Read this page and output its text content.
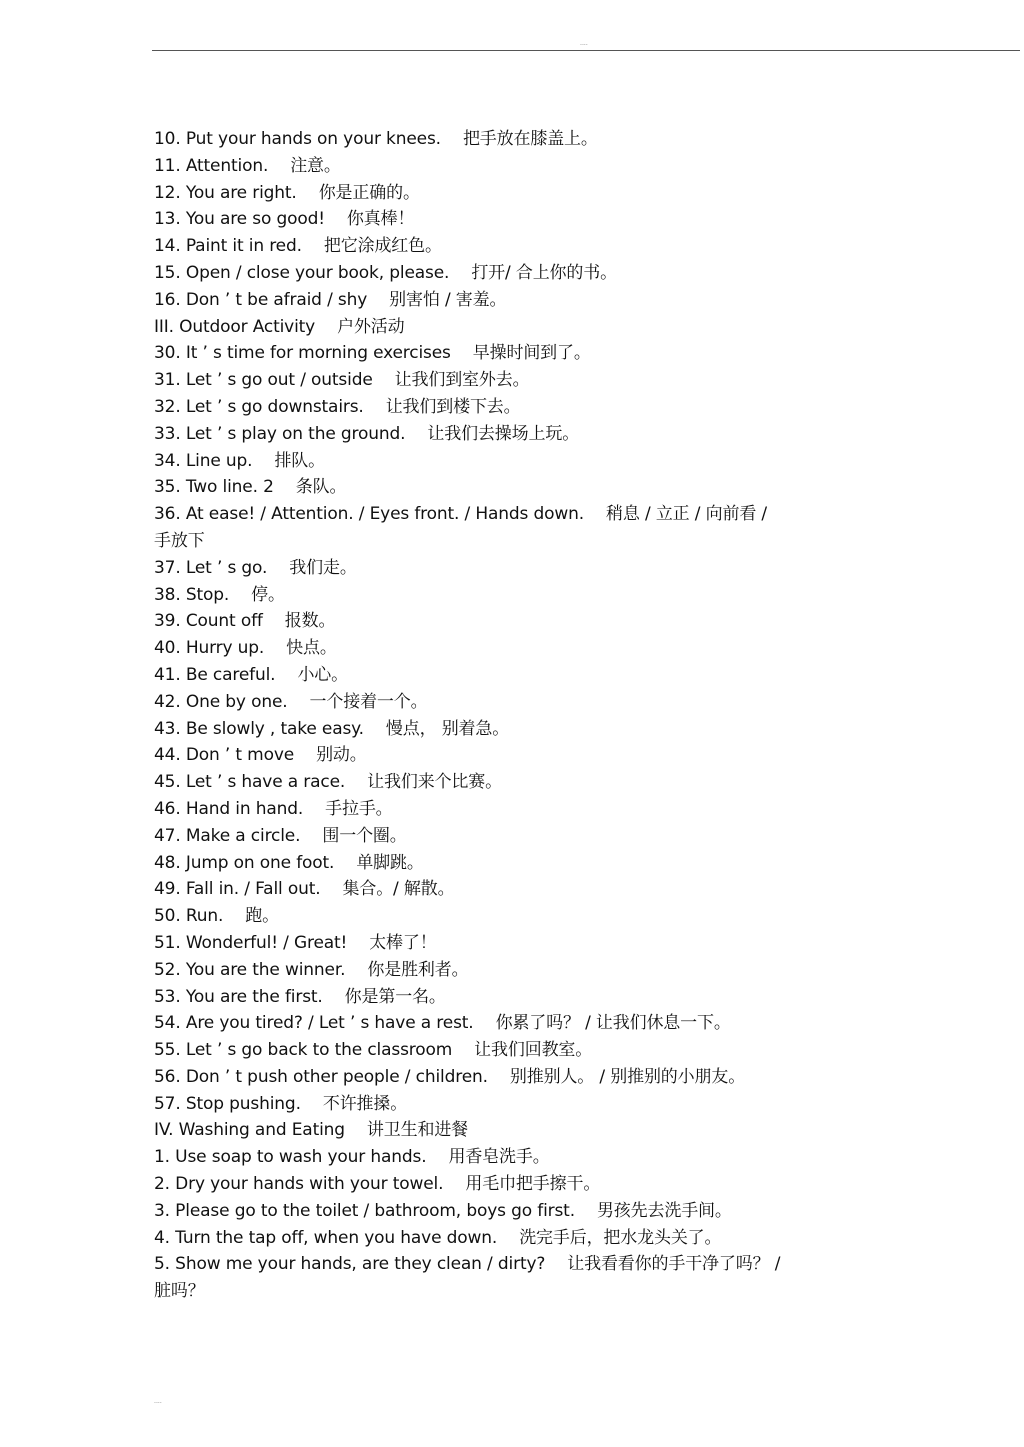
....
10. Put your hands on your knees. 把手放在膝盖上。
11. Attention. 注意。
12. You are right. 你是正确的。
13. You are so good! 你真棒！
14. Paint it in red. 把它涂成红色。
15. Open / close your book, please. 打开/ 合上你的书。
16. Don ’ t be afraid / shy 别害怕 / 害羞。
III. Outdoor Activity 户外活动
30. It ’ s time for morning exercises 早操时间到了。
31. Let ’ s go out / outside 让我们到室外去。
32. Let ’ s go downstairs. 让我们到楼下去。
33. Let ’ s play on the ground. 让我们去操场上玩。
34. Line up. 排队。
35. Two line. 2 条队。
36. At ease! / Attention. / Eyes front. / Hands down. 稍息 / 立正 / 向前看 /
手放下
37. Let ’ s go. 我们走。
38. Stop. 停。
39. Count off 报数。
40. Hurry up. 快点。
41. Be careful. 小心。
42. One by one. 一个接着一个。
43. Be slowly , take easy. 慢点， 别着急。
44. Don ’ t move 别动。
45. Let ’ s have a race. 让我们来个比赛。
46. Hand in hand. 手拉手。
47. Make a circle. 围一个圈。
48. Jump on one foot. 单脚跳。
49. Fall in. / Fall out. 集合。/ 解散。
50. Run. 跑。
51. Wonderful! / Great! 太棒了！
52. You are the winner. 你是胜利者。
53. You are the first. 你是第一名。
54. Are you tired? / Let ’ s have a rest. 你累了吗？ / 让我们休息一下。
55. Let ’ s go back to the classroom 让我们回教室。
56. Don ’ t push other people / children. 别推别人。 / 别推别的小朋友。
57. Stop pushing. 不许推搡。
IV. Washing and Eating 讲卫生和进餐
1. Use soap to wash your hands. 用香皂洗手。
2. Dry your hands with your towel. 用毛巾把手擦干。
3. Please go to the toilet / bathroom, boys go first. 男孩先去洗手间。
4. Turn the tap off, when you have down. 洗完手后，把水龙头关了。
5. Show me your hands, are they clean / dirty? 让我看看你的手干净了吗？ /
脏吗？
....
